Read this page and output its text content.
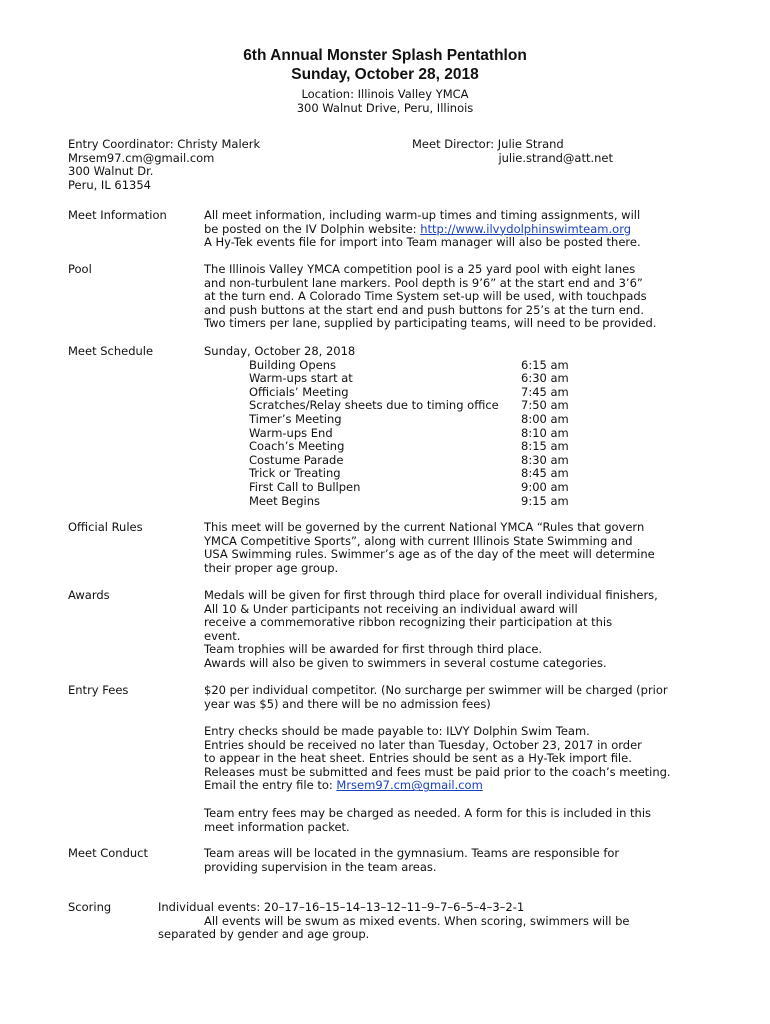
6th Annual Monster Splash Pentathlon
Sunday, October 28, 2018
Location: Illinois Valley YMCA
300 Walnut Drive, Peru, Illinois
Entry Coordinator: Christy Malerk
Mrsem97.cm@gmail.com
300 Walnut Dr.
Peru, IL 61354
Meet Director: Julie Strand
julie.strand@att.net
Meet Information	All meet information, including warm-up times and timing assignments, will
be posted on the IV Dolphin website: http://www.ilvydolphinswimteam.org
A Hy-Tek events file for import into Team manager will also be posted there.
Pool	The Illinois Valley YMCA competition pool is a 25 yard pool with eight lanes
and non-turbulent lane markers. Pool depth is 9’6” at the start end and 3’6”
at the turn end. A Colorado Time System set-up will be used, with touchpads
and push buttons at the start end and push buttons for 25’s at the turn end.
Two timers per lane, supplied by participating teams, will need to be provided.
Meet Schedule	Sunday, October 28, 2018
Building Opens	6:15 am
Warm-ups start at	6:30 am
Officials’ Meeting	7:45 am
Scratches/Relay sheets due to timing office 7:50 am
Timer’s Meeting	8:00 am
Warm-ups End	8:10 am
Coach’s Meeting	8:15 am
Costume Parade	8:30 am
Trick or Treating	8:45 am
First Call to Bullpen	9:00 am
Meet Begins	9:15 am
Official Rules	This meet will be governed by the current National YMCA “Rules that govern
YMCA Competitive Sports”, along with current Illinois State Swimming and
USA Swimming rules. Swimmer’s age as of the day of the meet will determine
their proper age group.
Awards	Medals will be given for first through third place for overall individual finishers,
All 10 & Under participants not receiving an individual award will
receive a commemorative ribbon recognizing their participation at this
event.
Team trophies will be awarded for first through third place.
Awards will also be given to swimmers in several costume categories.
Entry Fees	$20 per individual competitor. (No surcharge per swimmer will be charged (prior
year was $5) and there will be no admission fees)
Entry checks should be made payable to: ILVY Dolphin Swim Team.
Entries should be received no later than Tuesday, October 23, 2017 in order
to appear in the heat sheet. Entries should be sent as a Hy-Tek import file.
Releases must be submitted and fees must be paid prior to the coach’s meeting.
Email the entry file to: Mrsem97.cm@gmail.com
Team entry fees may be charged as needed. A form for this is included in this
meet information packet.
Meet Conduct	Team areas will be located in the gymnasium. Teams are responsible for
providing supervision in the team areas.
Scoring	Individual events: 20–17–16–15–14–13–12–11–9–7–6–5–4–3–2-1
All events will be swum as mixed events. When scoring, swimmers will be
separated by gender and age group.
